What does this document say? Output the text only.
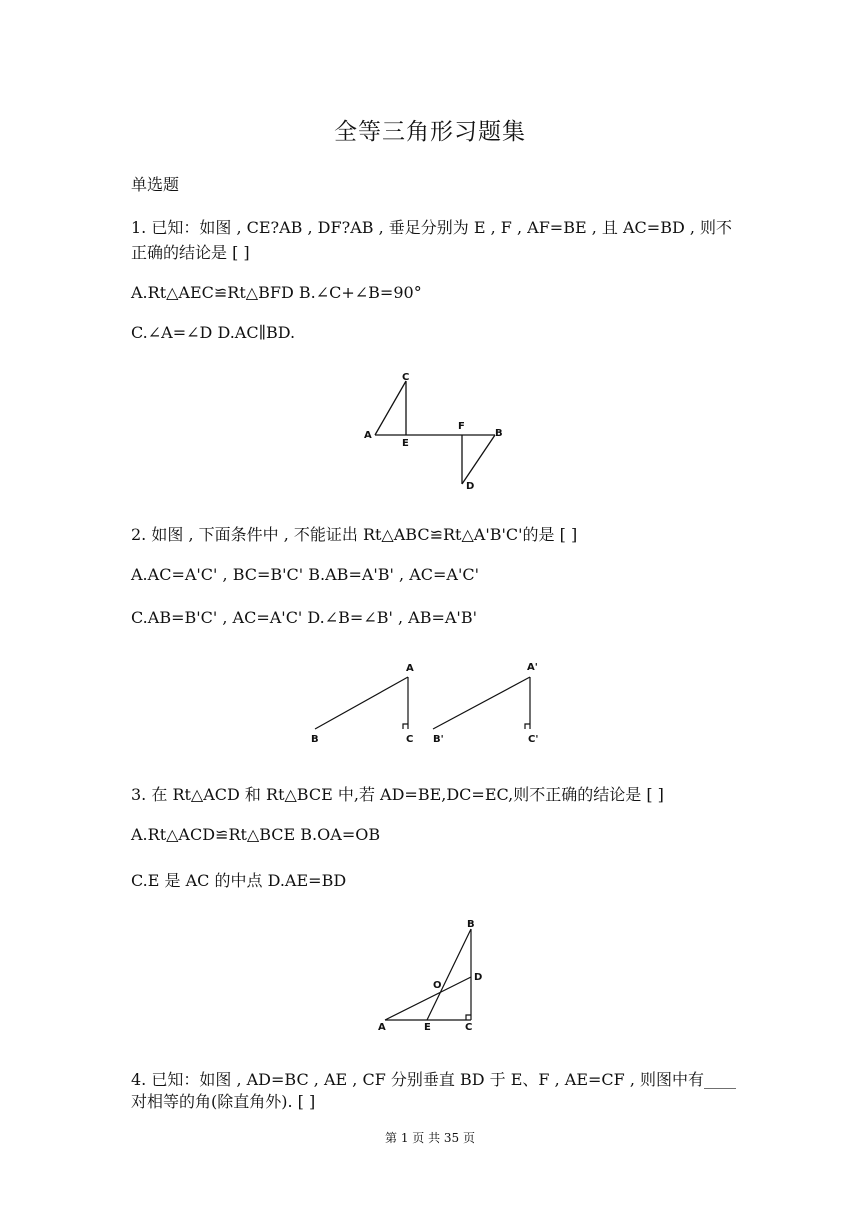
全等三角形习题集
单选题
1. 已知：如图 , CE?AB , DF?AB , 垂足分别为 E , F , AF=BE , 且 AC=BD , 则不
正确的结论是 [ ]
A.Rt△AEC≌Rt△BFD B.∠C+∠B=90°
C.∠A=∠D D.AC∥BD.
C
A
E
F
B
D
2. 如图 , 下面条件中 , 不能证出 Rt△ABC≌Rt△A'B'C'的是 [ ]
A.AC=A'C' , BC=B'C' B.AB=A'B' , AC=A'C'
C.AB=B'C' , AC=A'C' D.∠B=∠B' , AB=A'B'
A
B	C
A'
B'	C'
3. 在 Rt△ACD 和 Rt△BCE 中,若 AD=BE,DC=EC,则不正确的结论是 [ ]
A.Rt△ACD≌Rt△BCE B.OA=OB
C.E 是 AC 的中点 D.AE=BD
B
D
O
A	E	C
4. 已知：如图 , AD=BC , AE , CF 分别垂直 BD 于 E、F , AE=CF , 则图中有____
对相等的角(除直角外). [ ]
第 1 页 共 35 页
